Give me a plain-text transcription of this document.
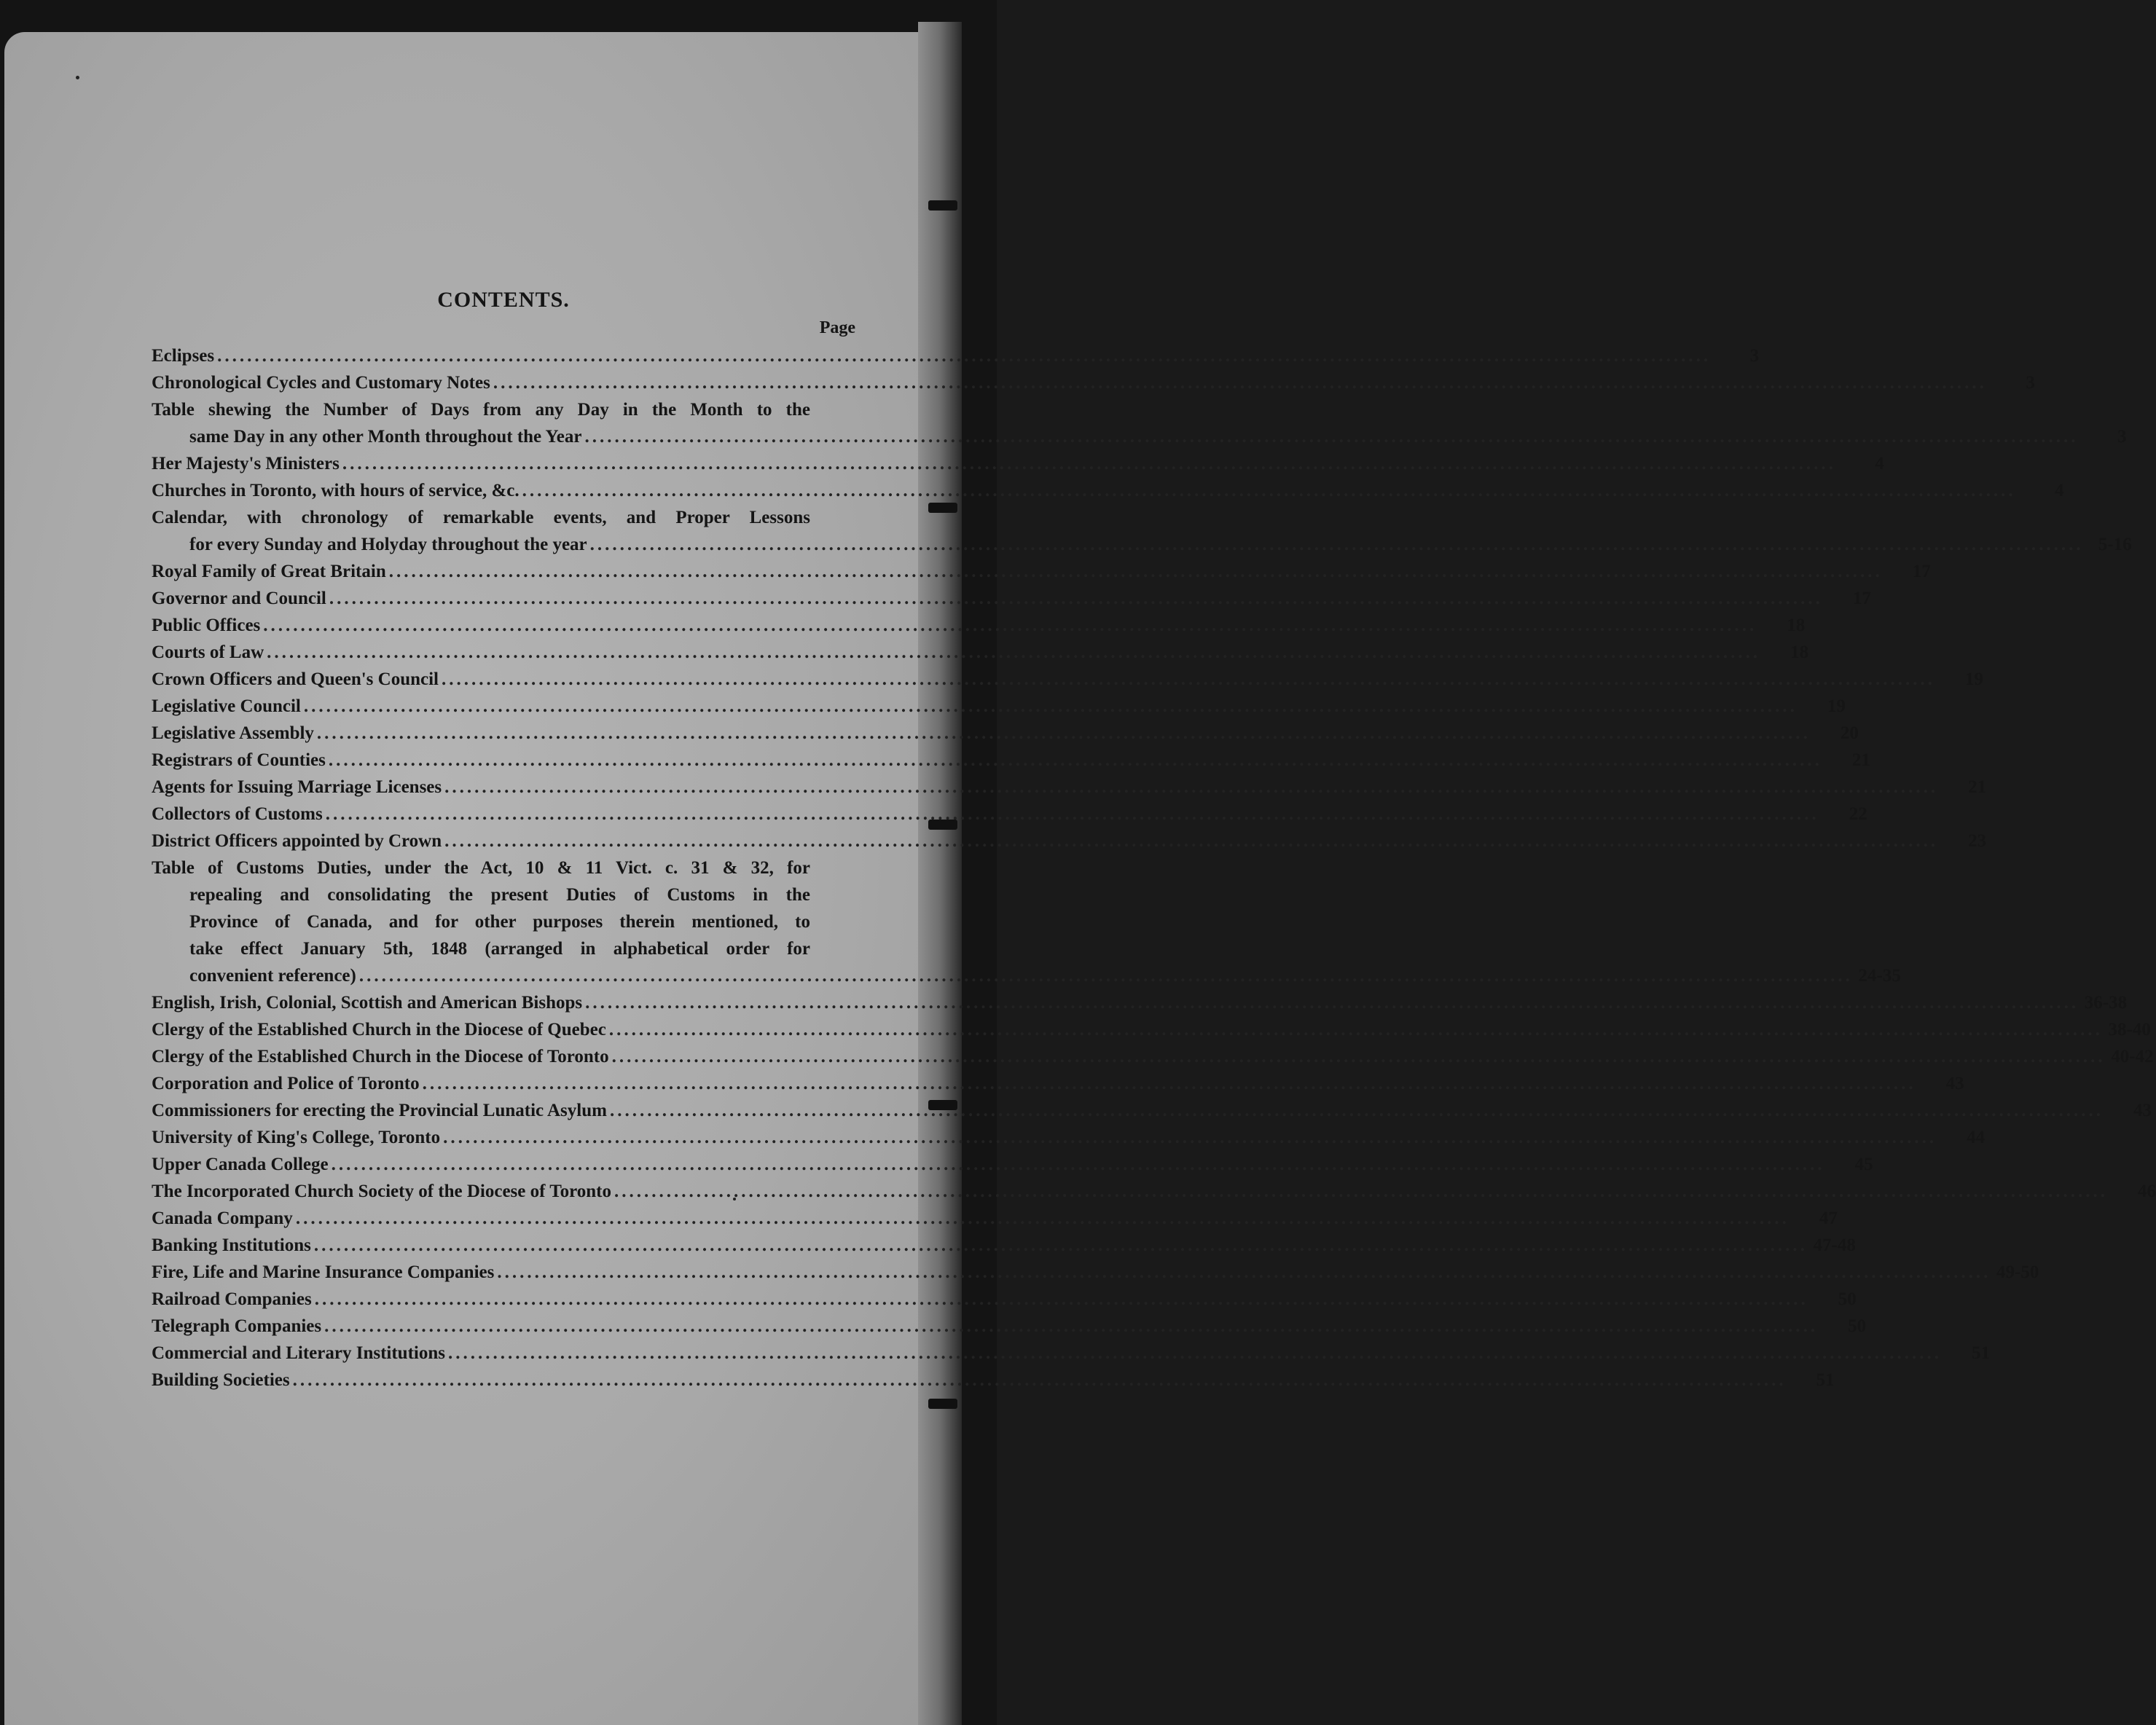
CONTENTS.
Page
Eclipses ........................................................................................................................................................................................................	3
Chronological Cycles and Customary Notes ........................................................................................................................................................................................................	3
Table shewing the Number of Days from any Day in the Month to the
same Day in any other Month throughout the Year ........................................................................................................................................................................................................	3
Her Majesty's Ministers ........................................................................................................................................................................................................	4
Churches in Toronto, with hours of service, &c. ........................................................................................................................................................................................................	4
Calendar, with chronology of remarkable events, and Proper Lessons
for every Sunday and Holyday throughout the year ........................................................................................................................................................................................................ 5-16
Royal Family of Great Britain ........................................................................................................................................................................................................	17
Governor and Council ........................................................................................................................................................................................................	17
Public Offices ........................................................................................................................................................................................................	18
Courts of Law ........................................................................................................................................................................................................	18
Crown Officers and Queen's Council ........................................................................................................................................................................................................	19
Legislative Council ........................................................................................................................................................................................................	19
Legislative Assembly ........................................................................................................................................................................................................	20
Registrars of Counties ........................................................................................................................................................................................................	21
Agents for Issuing Marriage Licenses ........................................................................................................................................................................................................	21
Collectors of Customs ........................................................................................................................................................................................................	22
District Officers appointed by Crown ........................................................................................................................................................................................................	23
Table of Customs Duties, under the Act, 10 & 11 Vict. c. 31 & 32, for
repealing and consolidating the present Duties of Customs in the
Province of Canada, and for other purposes therein mentioned, to
take effect January 5th, 1848 (arranged in alphabetical order for
convenient reference) ........................................................................................................................................................................................................ 24-35
English, Irish, Colonial, Scottish and American Bishops ........................................................................................................................................................................................................ 36-38
Clergy of the Established Church in the Diocese of Quebec ........................................................................................................................................................................................................ 38-40
Clergy of the Established Church in the Diocese of Toronto ........................................................................................................................................................................................................ 40-42
Corporation and Police of Toronto ........................................................................................................................................................................................................	43
Commissioners for erecting the Provincial Lunatic Asylum ........................................................................................................................................................................................................	43
University of King's College, Toronto ........................................................................................................................................................................................................	44
Upper Canada College ........................................................................................................................................................................................................	45
The Incorporated Church Society of the Diocese of Toronto ........................................................................................................................................................................................................	46
Canada Company ........................................................................................................................................................................................................	47
Banking Institutions ........................................................................................................................................................................................................ 47-48
Fire, Life and Marine Insurance Companies ........................................................................................................................................................................................................ 49-50
Railroad Companies ........................................................................................................................................................................................................	50
Telegraph Companies ........................................................................................................................................................................................................	50
Commercial and Literary Institutions ........................................................................................................................................................................................................	51
Building Societies ........................................................................................................................................................................................................	51
